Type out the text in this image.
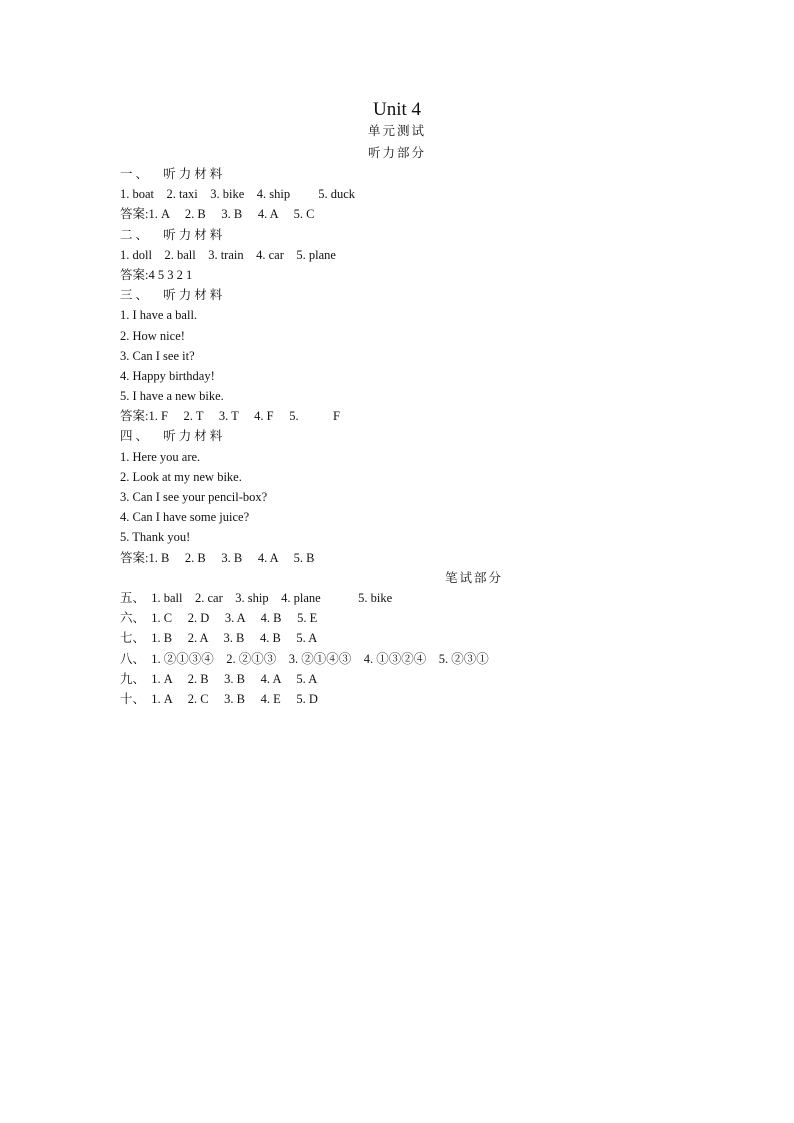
Unit 4
单元测试
听力部分
一、  听力材料
1. boat    2. taxi    3. bike    4. ship         5. duck
答案:1. A     2. B     3. B     4. A     5. C
二、  听力材料
1. doll    2. ball    3. train    4. car    5. plane
答案:4 5 3 2 1
三、  听力材料
1. I have a ball.
2. How nice!
3. Can I see it?
4. Happy birthday!
5. I have a new bike.
答案:1. F     2. T     3. T     4. F     5.           F
四、  听力材料
1. Here you are.
2. Look at my new bike.
3. Can I see your pencil-box?
4. Can I have some juice?
5. Thank you!
答案:1. B     2. B     3. B     4. A     5. B
笔试部分
五、  1. ball    2. car    3. ship    4. plane            5. bike
六、  1. C     2. D     3. A     4. B     5. E
七、  1. B     2. A     3. B     4. B     5. A
八、  1. ②①③④    2. ②①③    3. ②①④③    4. ①③②④    5. ②③①
九、  1. A     2. B     3. B     4. A     5. A
十、  1. A     2. C     3. B     4. E     5. D
